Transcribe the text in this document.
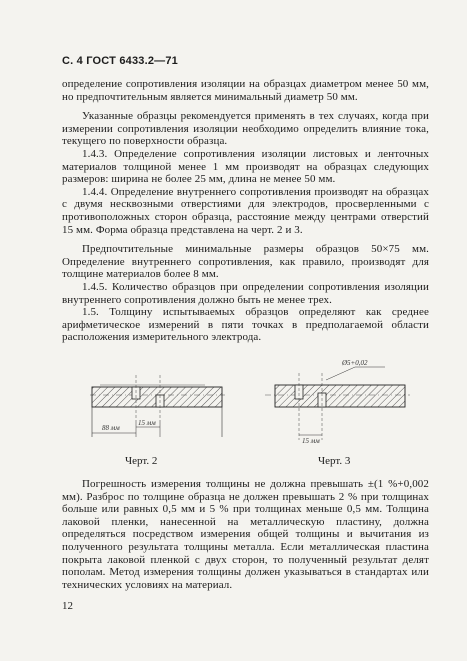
С. 4 ГОСТ 6433.2—71

определение сопротивления изоляции на образцах диаметром менее 50 мм, но предпочтительным является минимальный диаметр 50 мм.

Указанные образцы рекомендуется применять в тех случаях, когда при измерении сопротивления изоляции необходимо определить влияние тока, текущего по поверхности образца.

1.4.3. Определение сопротивления изоляции листовых и ленточных материалов толщиной менее 1 мм производят на образцах следующих размеров: ширина не более 25 мм, длина не менее 50 мм.

1.4.4. Определение внутреннего сопротивления производят на образцах с двумя несквозными отверстиями для электродов, просверленными с противоположных сторон образца, расстояние между центрами отверстий 15 мм. Форма образца представлена на черт. 2 и 3.

Предпочтительные минимальные размеры образцов 50×75 мм. Определение внутреннего сопротивления, как правило, производят для толщине материалов более 8 мм.

1.4.5. Количество образцов при определении сопротивления изоляции внутреннего сопротивления должно быть не менее трех.

1.5. Толщину испытываемых образцов определяют как среднее арифметическое измерений в пяти точках в предполагаемой области расположения измерительного электрода.

88 мм
15 мм
Ø5+0,02
15 мм
Черт. 2	Черт. 3

Погрешность измерения толщины не должна превышать ±(1 %+0,002 мм). Разброс по толщине образца не должен превышать 2 % при толщинах больше или равных 0,5 мм и 5 % при толщинах меньше 0,5 мм. Толщина лаковой пленки, нанесенной на металлическую пластину, должна определяться посредством измерения общей толщины и вычитания из полученного результата толщины металла. Если металлическая пластина покрыта лаковой пленкой с двух сторон, то полученный результат делят пополам. Метод измерения толщины должен указываться в стандартах или технических условиях на материал.

12
